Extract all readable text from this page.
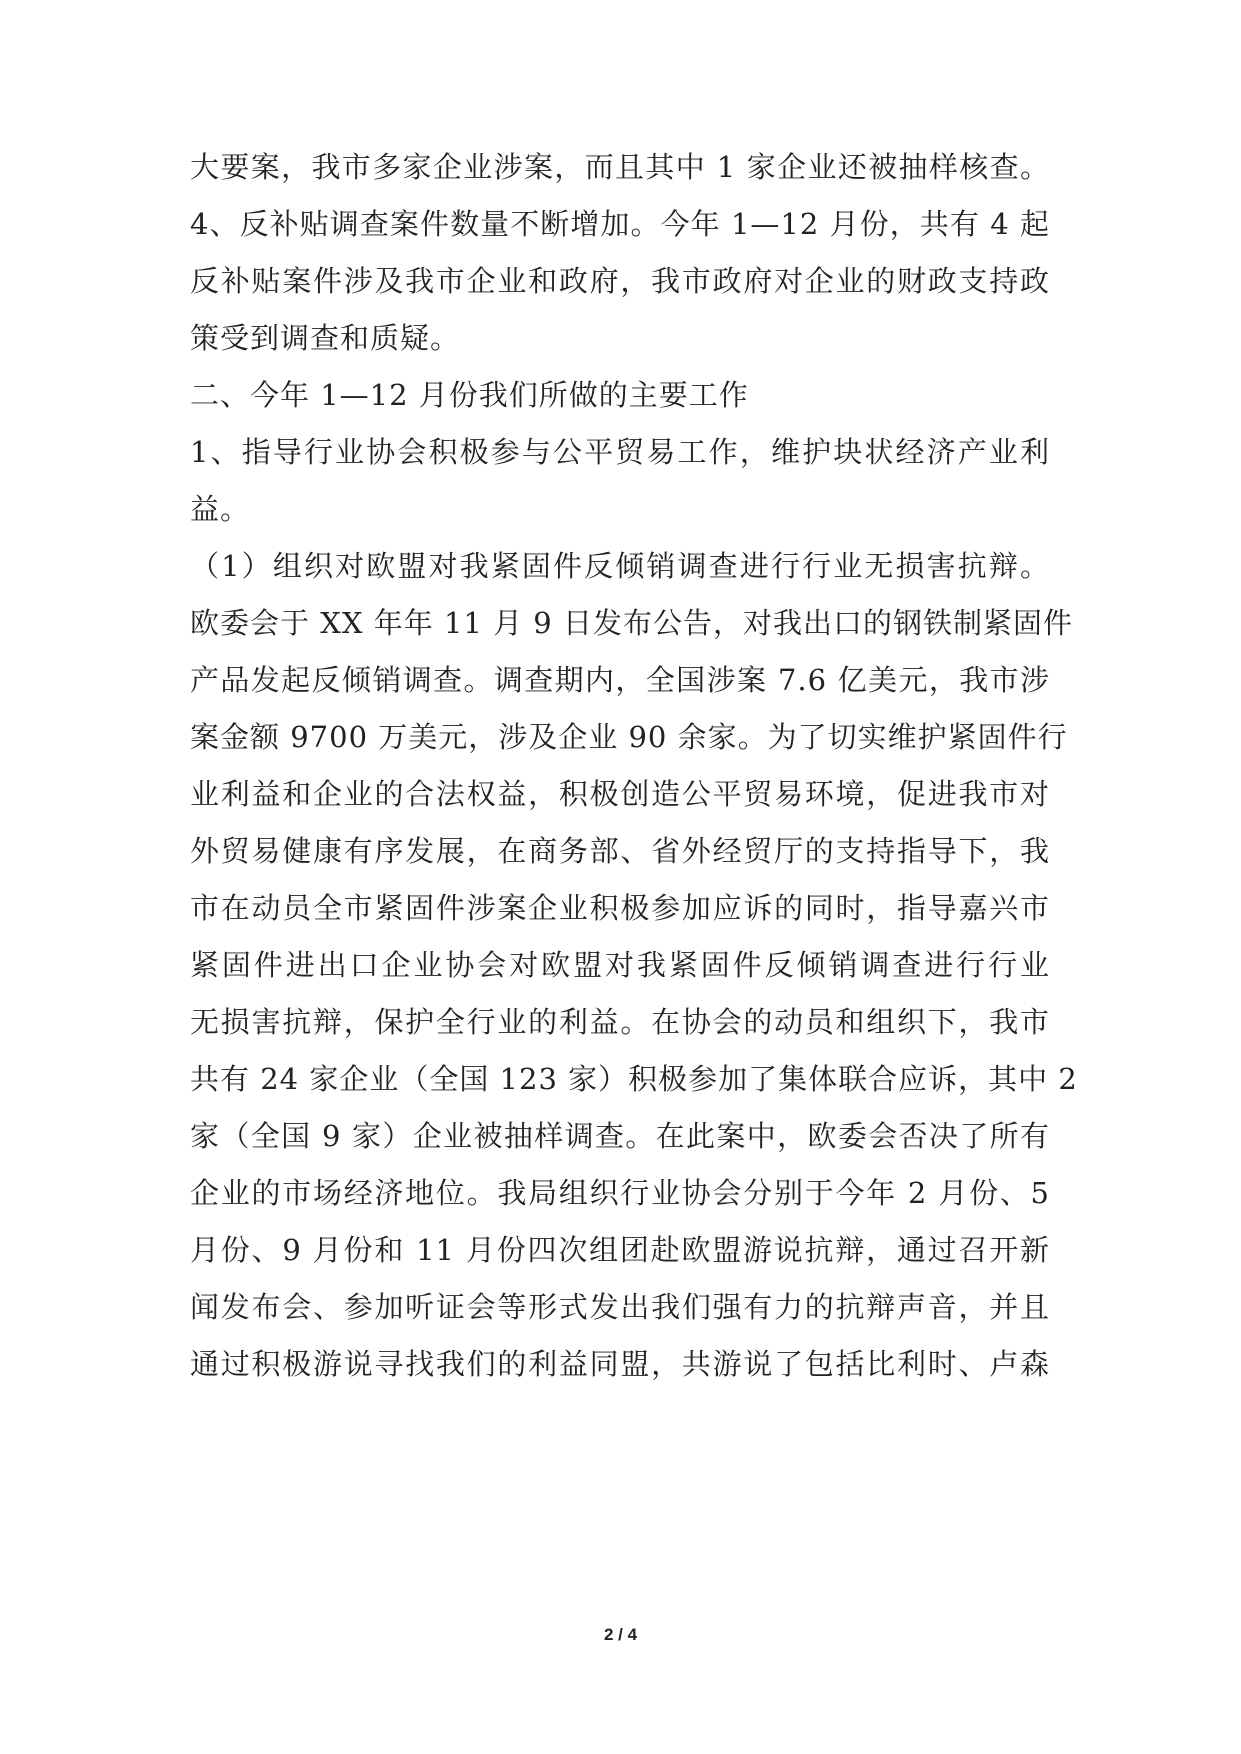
大要案，我市多家企业涉案，而且其中 1 家企业还被抽样核查。
4、反补贴调查案件数量不断增加。今年 1—12 月份，共有 4 起
反补贴案件涉及我市企业和政府，我市政府对企业的财政支持政
策受到调查和质疑。
二、今年 1—12 月份我们所做的主要工作
1、指导行业协会积极参与公平贸易工作，维护块状经济产业利
益。
（1）组织对欧盟对我紧固件反倾销调查进行行业无损害抗辩。
欧委会于 XX 年年 11 月 9 日发布公告，对我出口的钢铁制紧固件
产品发起反倾销调查。调查期内，全国涉案 7.6 亿美元，我市涉
案金额 9700 万美元，涉及企业 90 余家。为了切实维护紧固件行
业利益和企业的合法权益，积极创造公平贸易环境，促进我市对
外贸易健康有序发展，在商务部、省外经贸厅的支持指导下，我
市在动员全市紧固件涉案企业积极参加应诉的同时，指导嘉兴市
紧固件进出口企业协会对欧盟对我紧固件反倾销调查进行行业
无损害抗辩，保护全行业的利益。在协会的动员和组织下，我市
共有 24 家企业（全国 123 家）积极参加了集体联合应诉，其中 2
家（全国 9 家）企业被抽样调查。在此案中，欧委会否决了所有
企业的市场经济地位。我局组织行业协会分别于今年 2 月份、5
月份、9 月份和 11 月份四次组团赴欧盟游说抗辩，通过召开新
闻发布会、参加听证会等形式发出我们强有力的抗辩声音，并且
通过积极游说寻找我们的利益同盟，共游说了包括比利时、卢森
2 / 4
